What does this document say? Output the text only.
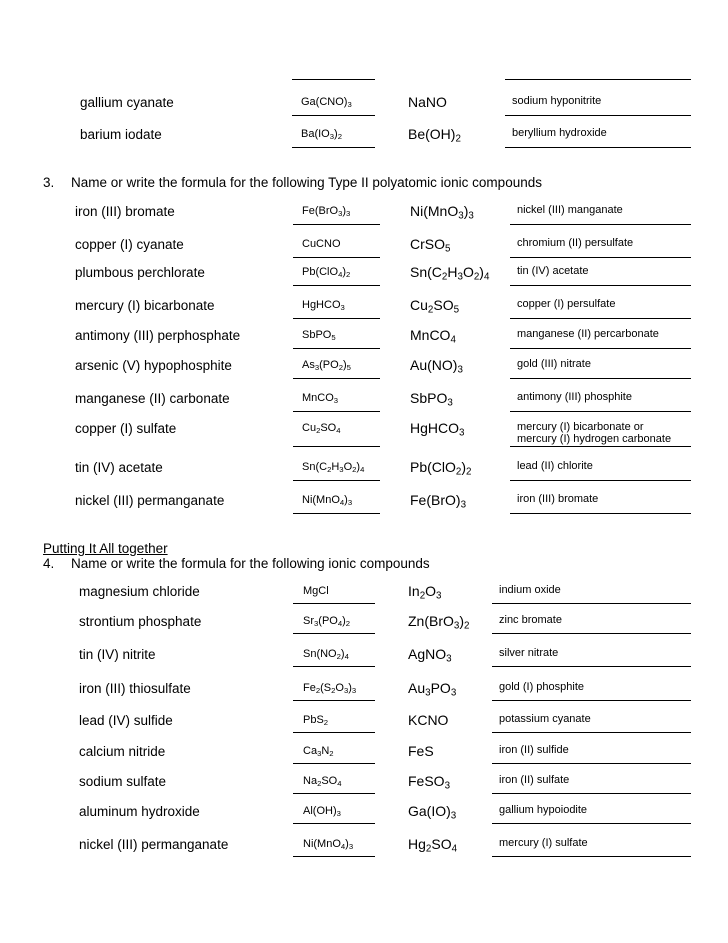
3. Name or write the formula for the following Type II polyatomic ionic compounds
Putting It All together
4. Name or write the formula for the following ionic compounds
gallium cyanate	$Ga(CNO)_3$	NaNO	sodium hyponitrite
barium iodate	$Ba(IO_3)_2$	$Be(OH)_2$	beryllium hydroxide
iron (III) bromate	$Fe(BrO_3)_3$	$Ni(MnO_3)_3$	nickel (III) manganate
copper (I) cyanate	CuCNO	CrSO$_5$	chromium (II) persulfate
plumbous perchlorate	$Pb(ClO_4)_2$	$Sn(C_2H_3O_2)_4$	tin (IV) acetate
mercury (I) bicarbonate	HgHCO$_3$	$Cu_2SO_5$	copper (I) persulfate
antimony (III) perphosphate	SbPO$_5$	MnCO$_4$	manganese (II) percarbonate
arsenic (V) hypophosphite	$As_3(PO_2)_5$	$Au(NO)_3$	gold (III) nitrate
manganese (II) carbonate	MnCO$_3$	SbPO$_3$	antimony (III) phosphite
copper (I) sulfate	$Cu_2SO_4$	HgHCO$_3$	mercury (I) bicarbonate or
mercury (I) hydrogen carbonate
tin (IV) acetate	$Sn(C_2H_3O_2)_4$	$Pb(ClO_2)_2$	lead (II) chlorite
nickel (III) permanganate	$Ni(MnO_4)_3$	$Fe(BrO)_3$	iron (III) bromate
magnesium chloride	MgCl	$In_2O_3$	indium oxide
strontium phosphate	$Sr_3(PO_4)_2$	$Zn(BrO_3)_2$	zinc bromate
tin (IV) nitrite	$Sn(NO_2)_4$	AgNO$_3$	silver nitrate
iron (III) thiosulfate	$Fe_2(S_2O_3)_3$	$Au_3PO_3$	gold (I) phosphite
lead (IV) sulfide	PbS$_2$	KCNO	potassium cyanate
calcium nitride	$Ca_3N_2$	FeS	iron (II) sulfide
sodium sulfate	$Na_2SO_4$	FeSO$_3$	iron (II) sulfate
aluminum hydroxide	$Al(OH)_3$	$Ga(IO)_3$	gallium hypoiodite
nickel (III) permanganate	$Ni(MnO_4)_3$	$Hg_2SO_4$	mercury (I) sulfate
